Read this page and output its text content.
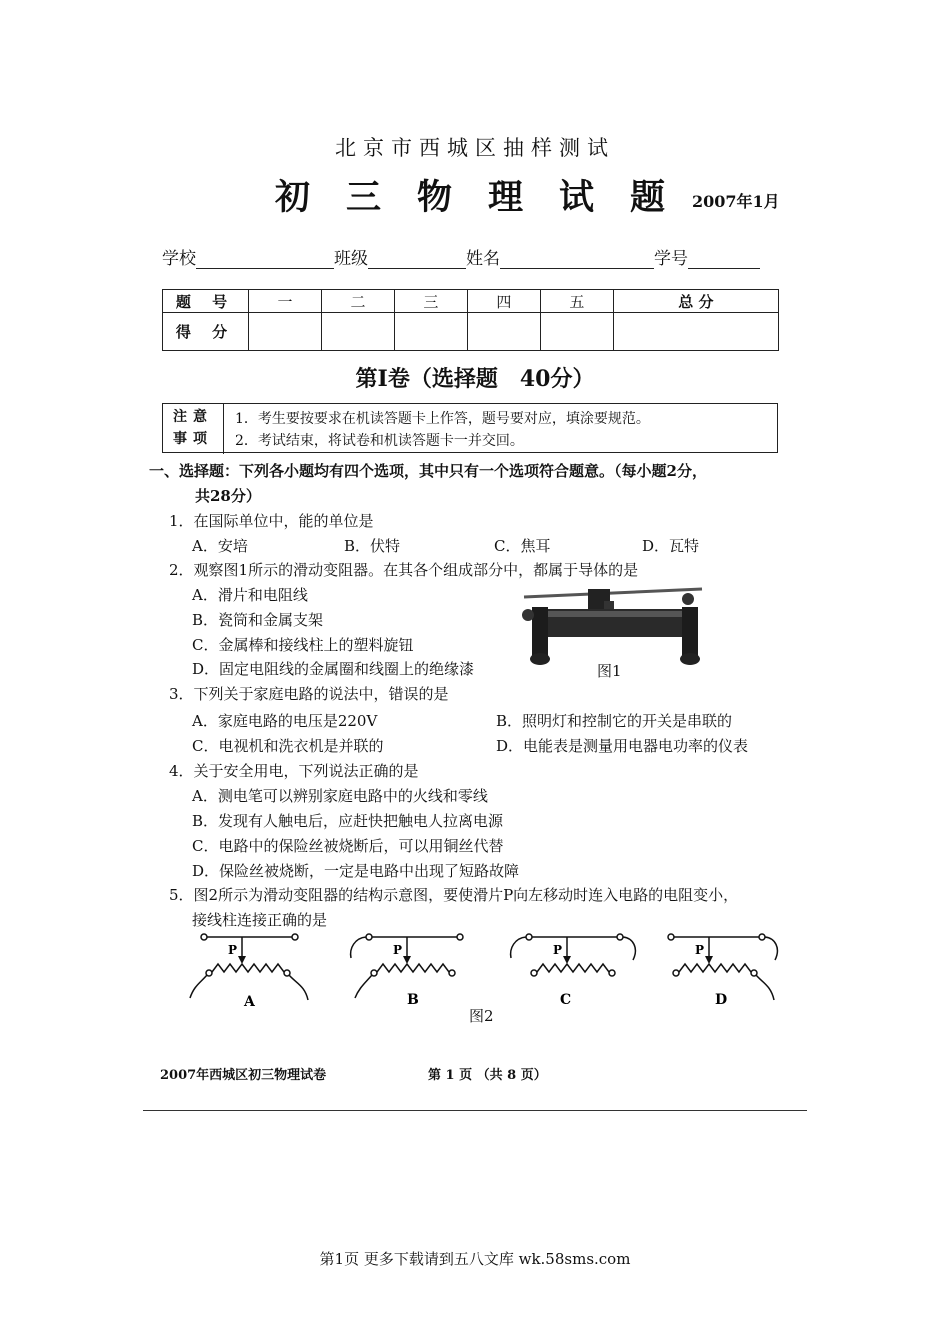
北京市西城区抽样测试
初三物理试题
2007年1月
学校	班级	姓名	学号
题 号	一	二	三	四	五	总 分
得 分						
第Ⅰ卷（选择题　40分）
注意
事项
1．考生要按要求在机读答题卡上作答，题号要对应，填涂要规范。
2．考试结束，将试卷和机读答题卡一并交回。
一、选择题：下列各小题均有四个选项，其中只有一个选项符合题意。（每小题2分，
共28分）
1．在国际单位中，能的单位是
A．安培	B．伏特	C．焦耳	D．瓦特
2．观察图1所示的滑动变阻器。在其各个组成部分中，都属于导体的是
A．滑片和电阻线
B．瓷筒和金属支架
C．金属棒和接线柱上的塑料旋钮
D．固定电阻线的金属圈和线圈上的绝缘漆	图1
3．下列关于家庭电路的说法中，错误的是
A．家庭电路的电压是220V	B．照明灯和控制它的开关是串联的
C．电视机和洗衣机是并联的	D．电能表是测量用电器电功率的仪表
4．关于安全用电，下列说法正确的是
A．测电笔可以辨别家庭电路中的火线和零线
B．发现有人触电后，应赶快把触电人拉离电源
C．电路中的保险丝被烧断后，可以用铜丝代替
D．保险丝被烧断，一定是电路中出现了短路故障
5．图2所示为滑动变阻器的结构示意图，要使滑片P向左移动时连入电路的电阻变小，
接线柱连接正确的是
P
A
P
B
P
C
P
D
图2
2007年西城区初三物理试卷	第 1 页 （共 8 页）
第1页 更多下载请到五八文库 wk.58sms.com
